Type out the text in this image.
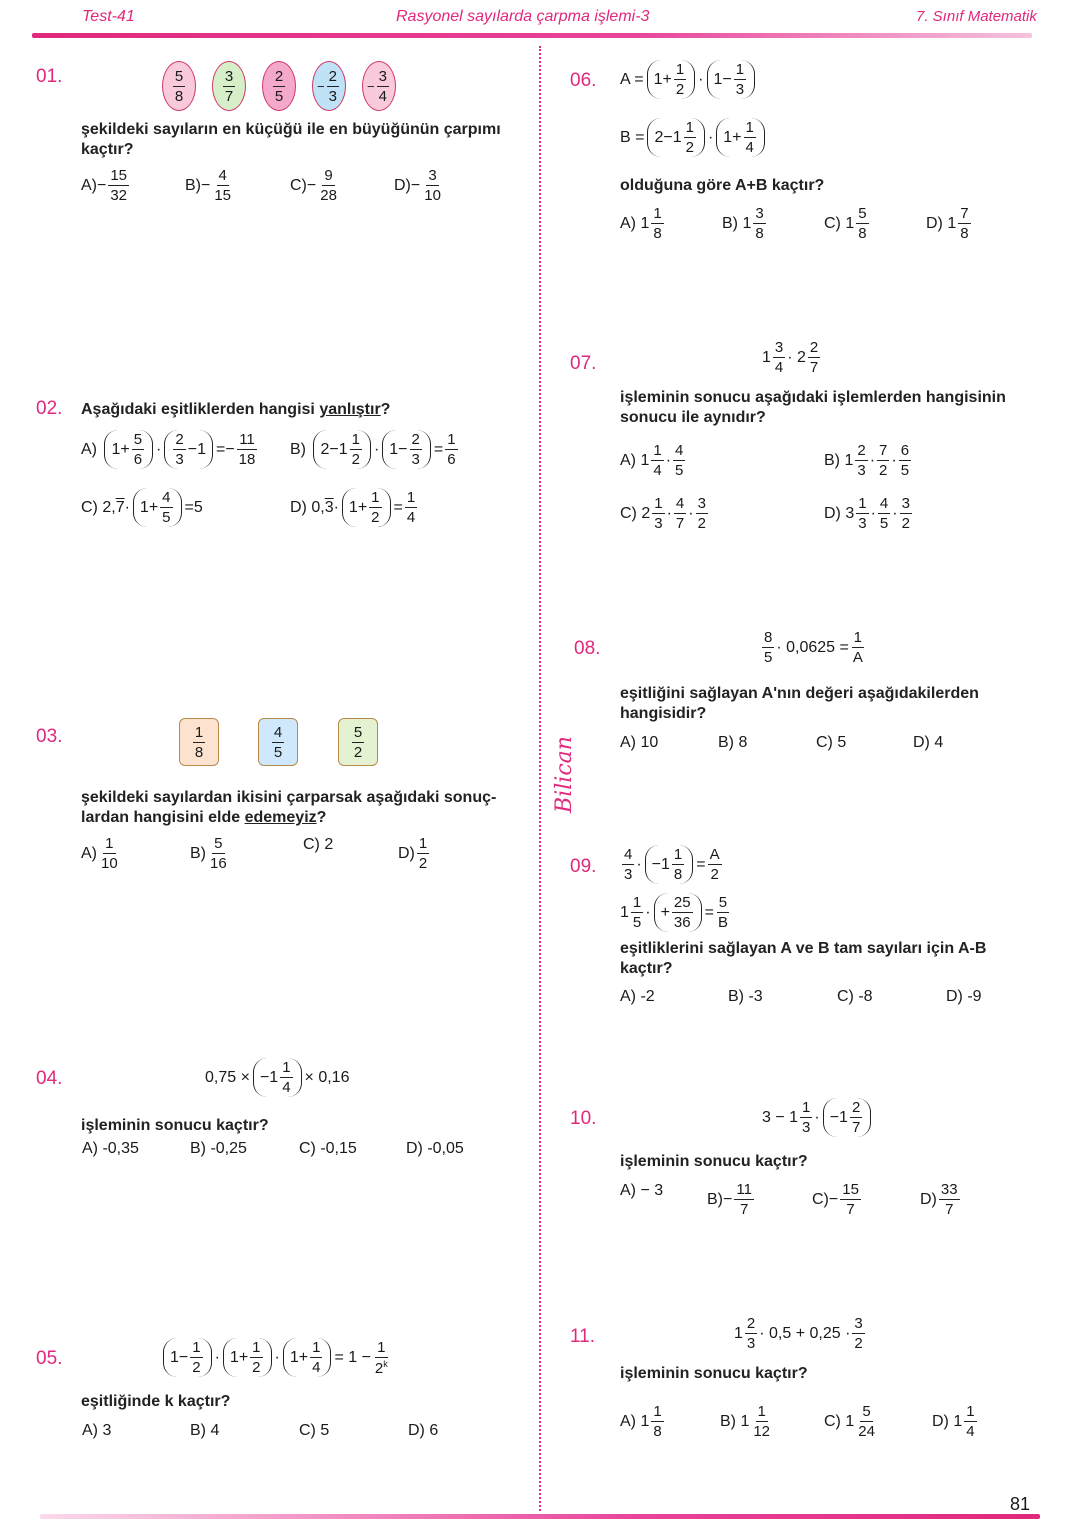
Test-41	Rasyonel sayılarda çarpma işlemi-3	7. Sınıf Matematik
Bilican
81
01.	$\frac{5}{8}$	$\frac{3}{7}$	$\frac{2}{5} - \frac{2}{3} - \frac{3}{4}$
şekildeki sayıların en küçüğü ile en büyüğünün çarpımı kaçtır?
$A) - \frac{15}{32}$	$B) - \frac{4}{15}$	$C) - \frac{9}{28}$	$D) - \frac{3}{10}$
02. Aşağıdaki eşitliklerden hangisi yanlıştır?
A)
$1+ \frac{5}{6} \cdot \frac{2}{3} -1 =- \frac{11}{18} B$)
$2-1 \frac{1}{2} \cdot 1- \frac{2}{3} = \frac{1}{6}$
C) 2, $7 \cdot 1+ \frac{4}{5} =5$	D) 0, $3 \cdot 1+ \frac{1}{2} = \frac{1}{4}$
03.	$\frac{1}{8}$	$\frac{4}{5}$	$\frac{5}{2}$
şekildeki sayılardan ikisini çarparsak aşağıdaki sonuç-lardan hangisini elde edemeyiz?
$A) \frac{1}{10}$	$B) \frac{5}{16}$	C) 2	$D) \frac{1}{2}$
04.	$0,75 \times -1 \frac{1}{4} \times 0,16$
işleminin sonucu kaçtır?
A) -0,35	B) -0,25	C) -0,15	D) -0,05
05.	$1- \frac{1}{2} \cdot 1+ \frac{1}{2} \cdot 1+ \frac{1}{4} = 1 - \frac{1}{2^k}$
eşitliğinde k kaçtır?
A) 3	B) 4	C) 5	D) 6
06. $A = 1+ \frac{1}{2} \cdot 1- \frac{1}{3}$
$B = 2-1 \frac{1}{2} \cdot 1+ \frac{1}{4}$
olduğuna göre A+B kaçtır?
A) $1 \frac{1}{8}$	B) $1 \frac{3}{8}$	C) $1 \frac{5}{8}$	D) $1 \frac{7}{8}$
07.	$1 \frac{3}{4} \cdot 2 \frac{2}{7}$
işleminin sonucu aşağıdaki işlemlerden hangisinin sonucu ile aynıdır?
A) $1 \frac{1}{4} \cdot \frac{4}{5}$	B) $1 \frac{2}{3} \cdot \frac{7}{2} \cdot \frac{6}{5}$
C) $2 \frac{1}{3} \cdot \frac{4}{7} \cdot \frac{3}{2}$	D) $3 \frac{1}{3} \cdot \frac{4}{5} \cdot \frac{3}{2}$
08.	$\frac{8}{5} \cdot 0,0625 = \frac{1}{A}$
eşitliğini sağlayan A'nın değeri aşağıdakilerden hangisidir?
A) 10	B) 8	C) 5	D) 4
09. $\frac{4}{3} \cdot -1 \frac{1}{8} = \frac{A}{2}$
$1 \frac{1}{5}$ · + $\frac{25}{36} = \frac{5}{B}$
eşitliklerini sağlayan A ve B tam sayıları için A-B kaçtır?
A) -2	B) -3	C) -8	D) -9
10.	$3 - 1 \frac{1}{3} \cdot -1 \frac{2}{7}$
işleminin sonucu kaçtır?
A) − 3	$B) - \frac{11}{7}$	$C) - \frac{15}{7}$	$D) \frac{33}{7}$
11.	$1 \frac{2}{3} \cdot 0,5 + 0,25 \cdot \frac{3}{2}$
işleminin sonucu kaçtır?
A) $1 \frac{1}{8}$	B) $1 \frac{1}{12}$	C) $1 \frac{5}{24}$	D) $1 \frac{1}{4}$
